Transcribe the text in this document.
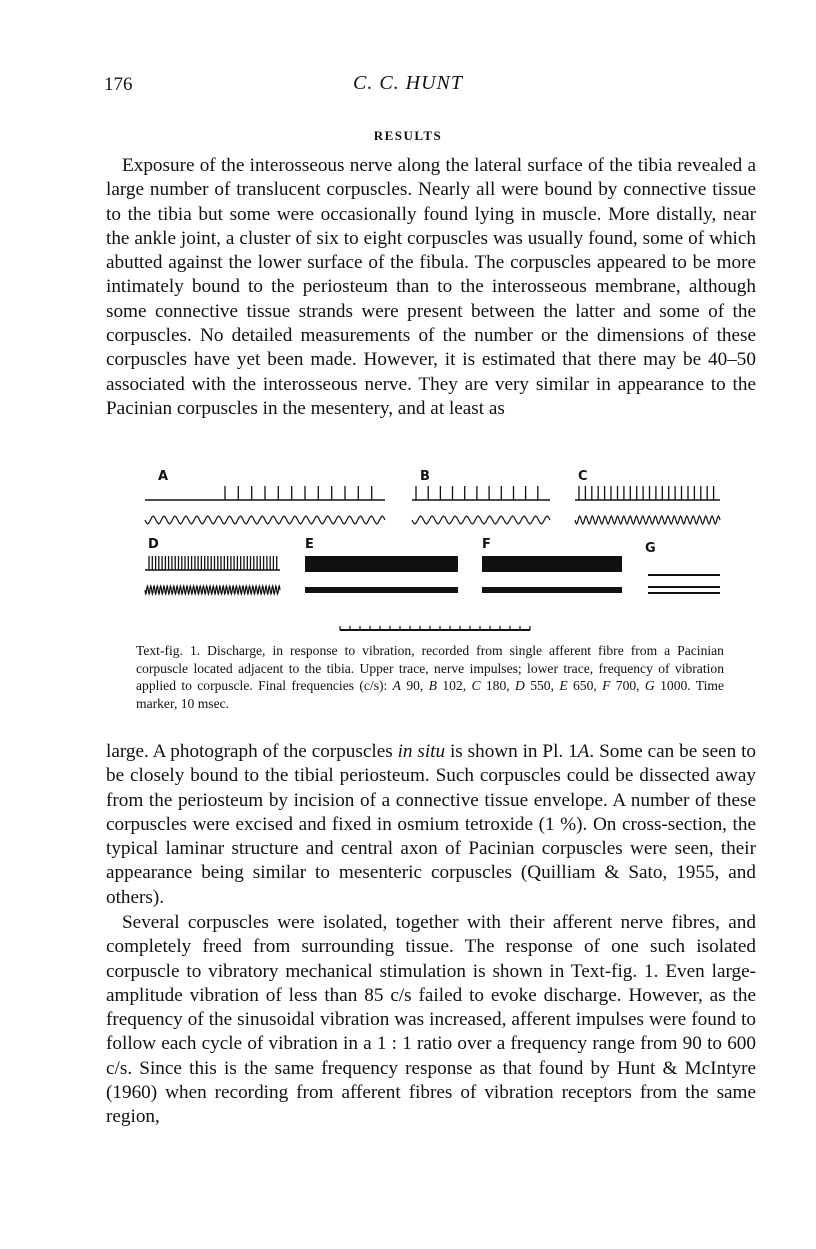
176	C. C. HUNT
RESULTS

Exposure of the interosseous nerve along the lateral surface of the tibia revealed a large number of translucent corpuscles. Nearly all were bound by connective tissue to the tibia but some were occasionally found lying in muscle. More distally, near the ankle joint, a cluster of six to eight corpuscles was usually found, some of which abutted against the lower surface of the fibula. The corpuscles appeared to be more intimately bound to the periosteum than to the interosseous membrane, although some connective tissue strands were present between the latter and some of the corpuscles. No detailed measurements of the number or the dimensions of these corpuscles have yet been made. However, it is estimated that there may be 40–50 associated with the interosseous nerve. They are very similar in appearance to the Pacinian corpuscles in the mesentery, and at least as

A	B	C
D	E	F	G

Text-fig. 1. Discharge, in response to vibration, recorded from single afferent fibre from a Pacinian corpuscle located adjacent to the tibia. Upper trace, nerve impulses; lower trace, frequency of vibration applied to corpuscle. Final frequencies (c/s): A 90, B 102, C 180, D 550, E 650, F 700, G 1000. Time marker, 10 msec.

large. A photograph of the corpuscles in situ is shown in Pl. 1A. Some can be seen to be closely bound to the tibial periosteum. Such corpuscles could be dissected away from the periosteum by incision of a connective tissue envelope. A number of these corpuscles were excised and fixed in osmium tetroxide (1 %). On cross-section, the typical laminar structure and central axon of Pacinian corpuscles were seen, their appearance being similar to mesenteric corpuscles (Quilliam & Sato, 1955, and others).

Several corpuscles were isolated, together with their afferent nerve fibres, and completely freed from surrounding tissue. The response of one such isolated corpuscle to vibratory mechanical stimulation is shown in Text-fig. 1. Even large-amplitude vibration of less than 85 c/s failed to evoke discharge. However, as the frequency of the sinusoidal vibration was increased, afferent impulses were found to follow each cycle of vibration in a 1 : 1 ratio over a frequency range from 90 to 600 c/s. Since this is the same frequency response as that found by Hunt & McIntyre (1960) when recording from afferent fibres of vibration receptors from the same region,
